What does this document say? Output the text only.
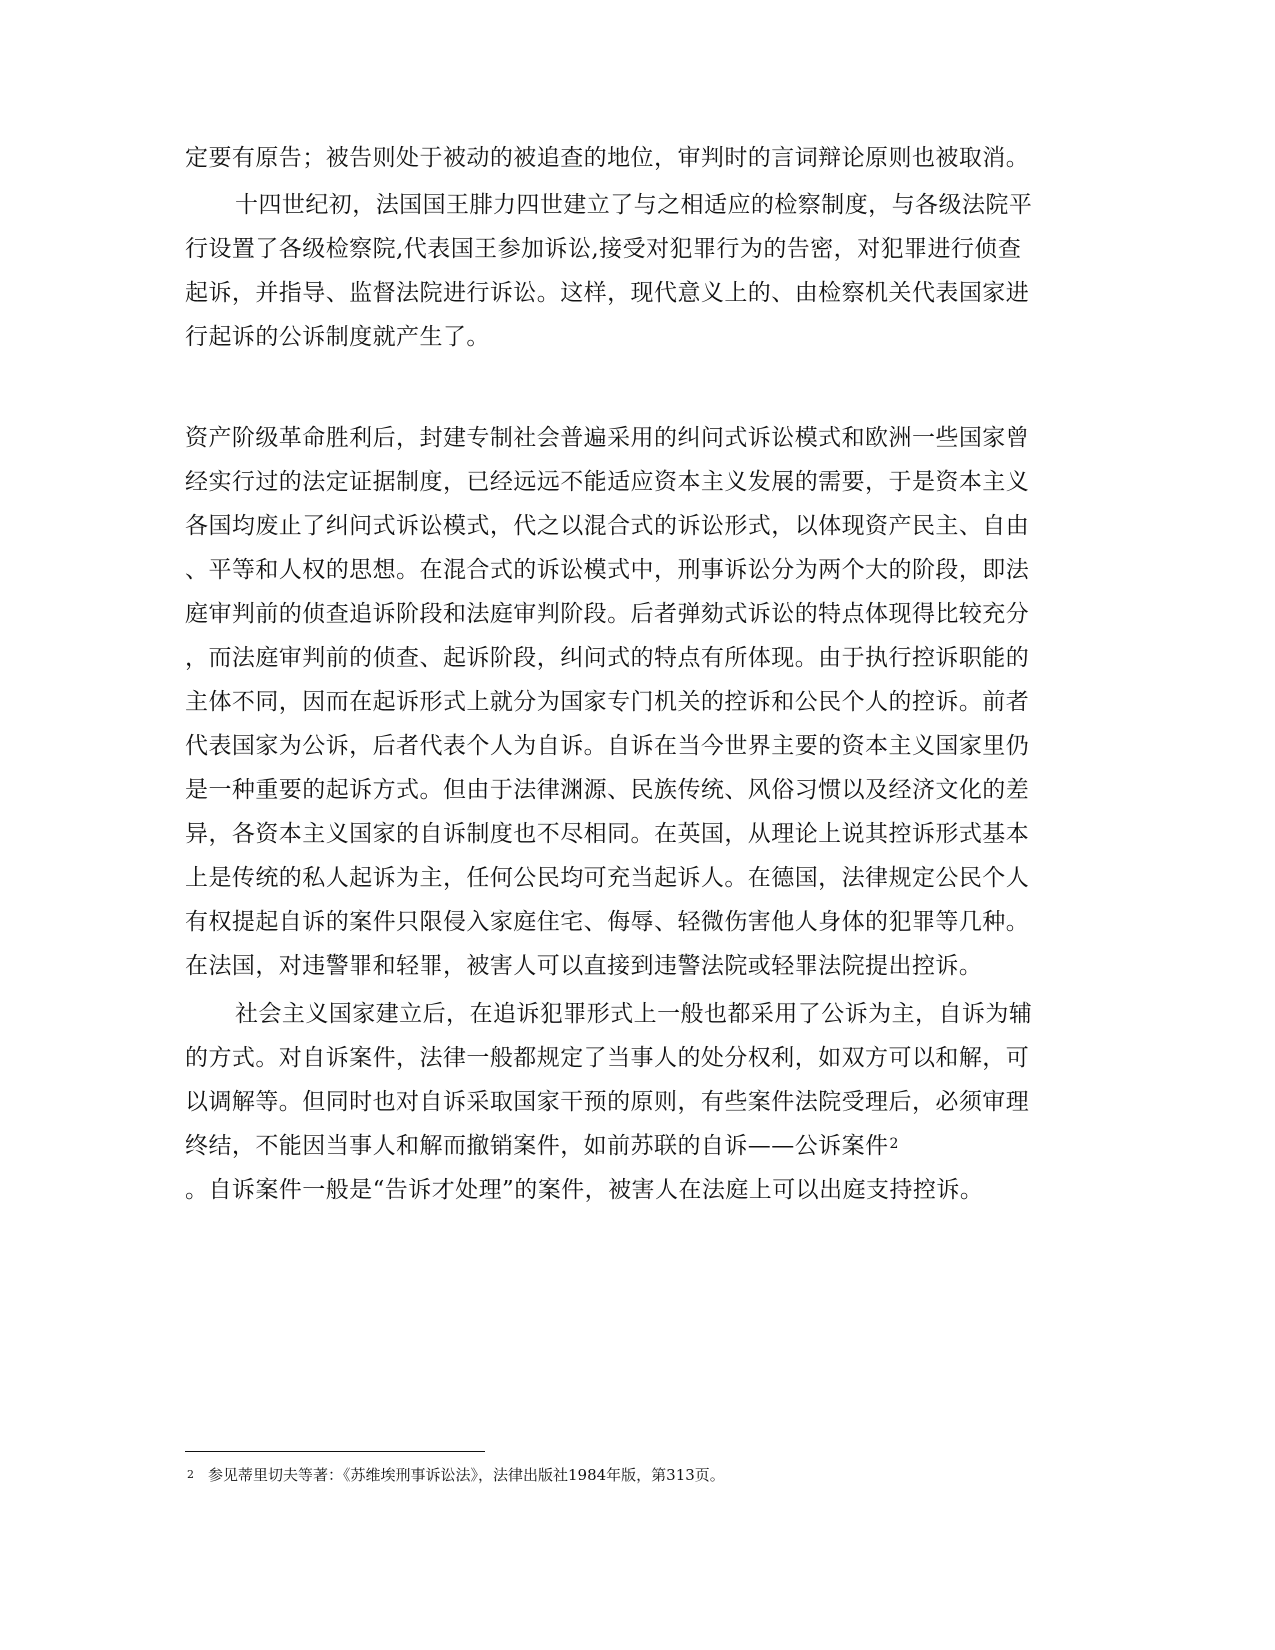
定要有原告；被告则处于被动的被追查的地位，审判时的言词辩论原则也被取消。
十四世纪初，法国国王腓力四世建立了与之相适应的检察制度，与各级法院平
行设置了各级检察院,代表国王参加诉讼,接受对犯罪行为的告密，对犯罪进行侦查
起诉，并指导、监督法院进行诉讼。这样，现代意义上的、由检察机关代表国家进
行起诉的公诉制度就产生了。
资产阶级革命胜利后，封建专制社会普遍采用的纠问式诉讼模式和欧洲一些国家曾
经实行过的法定证据制度，已经远远不能适应资本主义发展的需要，于是资本主义
各国均废止了纠问式诉讼模式，代之以混合式的诉讼形式，以体现资产民主、自由
、平等和人权的思想。在混合式的诉讼模式中，刑事诉讼分为两个大的阶段，即法
庭审判前的侦查追诉阶段和法庭审判阶段。后者弹劾式诉讼的特点体现得比较充分
，而法庭审判前的侦查、起诉阶段，纠问式的特点有所体现。由于执行控诉职能的
主体不同，因而在起诉形式上就分为国家专门机关的控诉和公民个人的控诉。前者
代表国家为公诉，后者代表个人为自诉。自诉在当今世界主要的资本主义国家里仍
是一种重要的起诉方式。但由于法律渊源、民族传统、风俗习惯以及经济文化的差
异，各资本主义国家的自诉制度也不尽相同。在英国，从理论上说其控诉形式基本
上是传统的私人起诉为主，任何公民均可充当起诉人。在德国，法律规定公民个人
有权提起自诉的案件只限侵入家庭住宅、侮辱、轻微伤害他人身体的犯罪等几种。
在法国，对违警罪和轻罪，被害人可以直接到违警法院或轻罪法院提出控诉。
社会主义国家建立后，在追诉犯罪形式上一般也都采用了公诉为主，自诉为辅
的方式。对自诉案件，法律一般都规定了当事人的处分权利，如双方可以和解，可
以调解等。但同时也对自诉采取国家干预的原则，有些案件法院受理后，必须审理
终结，不能因当事人和解而撤销案件，如前苏联的自诉——公诉案件$^2$
。自诉案件一般是“告诉才处理”的案件，被害人在法庭上可以出庭支持控诉。
$^2$ 参见蒂里切夫等著：《苏维埃刑事诉讼法》，法律出版社1984年版，第313页。
